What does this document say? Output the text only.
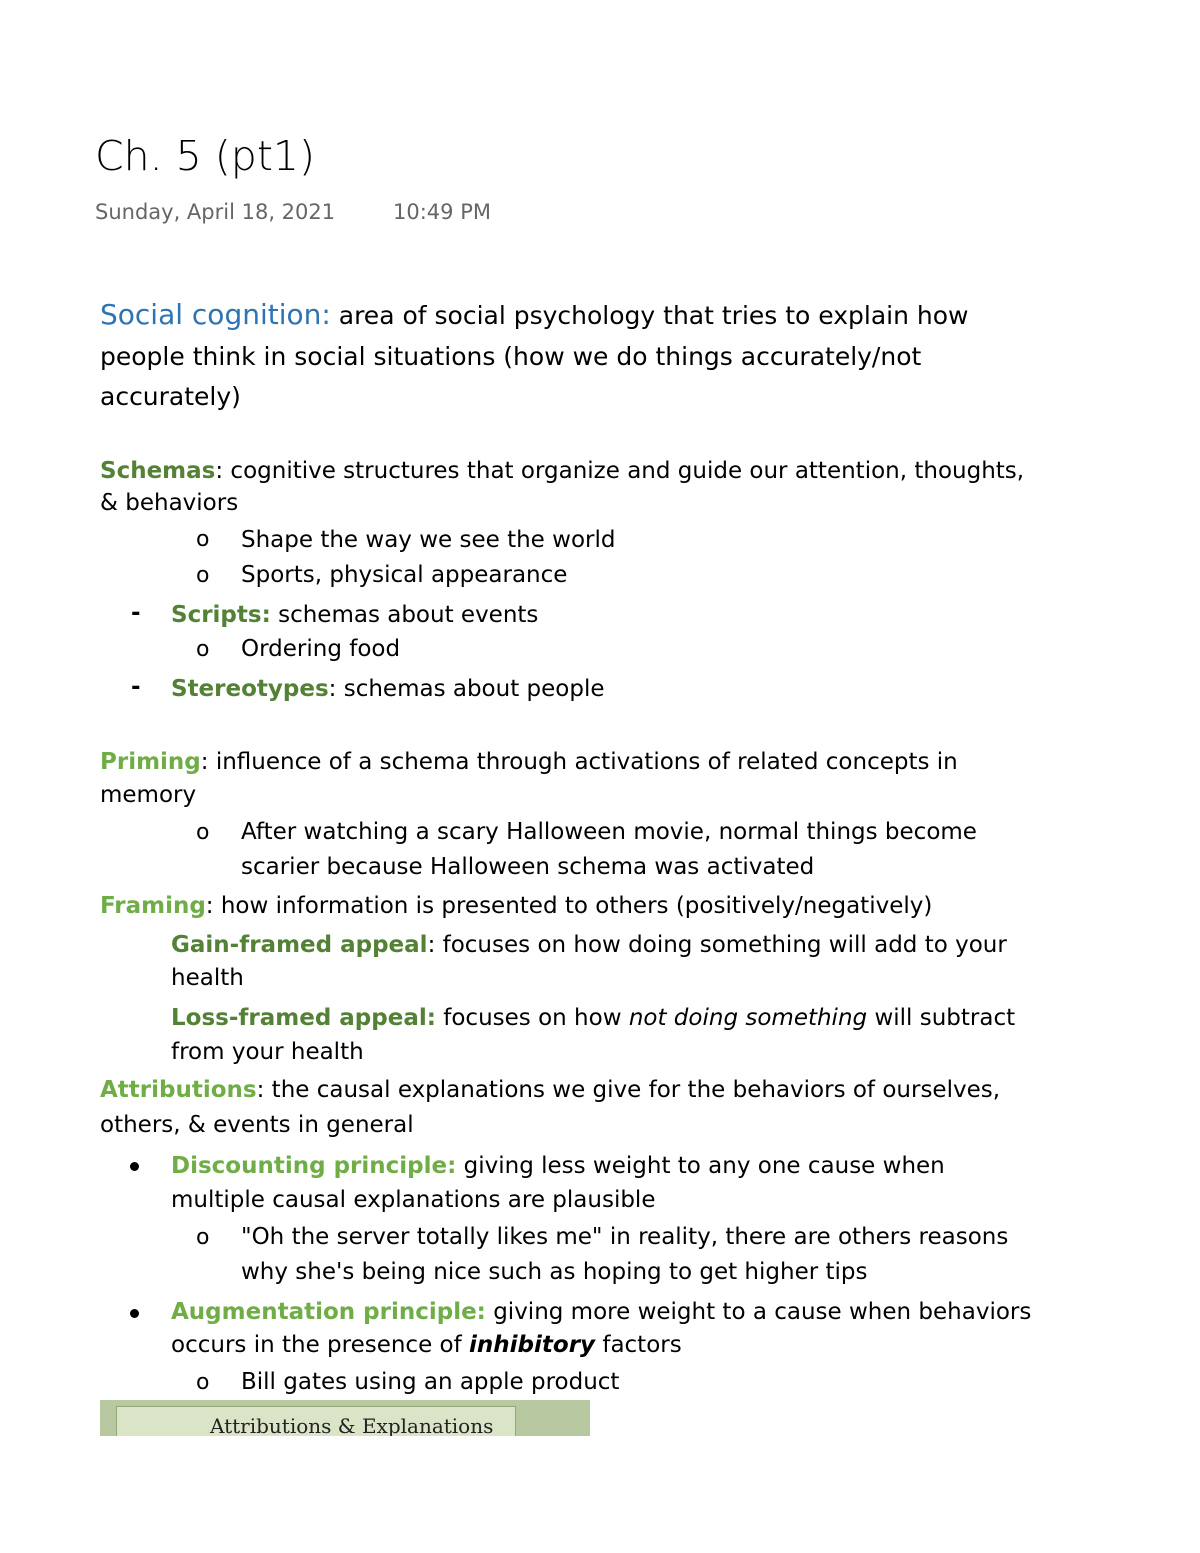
Ch. 5 (pt1)
Sunday, April 18, 2021	10:49 PM
Social cognition: area of social psychology that tries to explain how
people think in social situations (how we do things accurately/not
accurately)
Schemas: cognitive structures that organize and guide our attention, thoughts,
& behaviors
o Shape the way we see the world
o Sports, physical appearance
- Scripts: schemas about events
o Ordering food
- Stereotypes: schemas about people
Priming: influence of a schema through activations of related concepts in
memory
o After watching a scary Halloween movie, normal things become
scarier because Halloween schema was activated
Framing: how information is presented to others (positively/negatively)
Gain-framed appeal: focuses on how doing something will add to your
health
Loss-framed appeal: focuses on how not doing something will subtract
from your health
Attributions: the causal explanations we give for the behaviors of ourselves,
others, & events in general
Discounting principle: giving less weight to any one cause when
multiple causal explanations are plausible
o "Oh the server totally likes me" in reality, there are others reasons
why she's being nice such as hoping to get higher tips
Augmentation principle: giving more weight to a cause when behaviors
occurs in the presence of inhibitory factors
o Bill gates using an apple product
Attributions & Explanations
